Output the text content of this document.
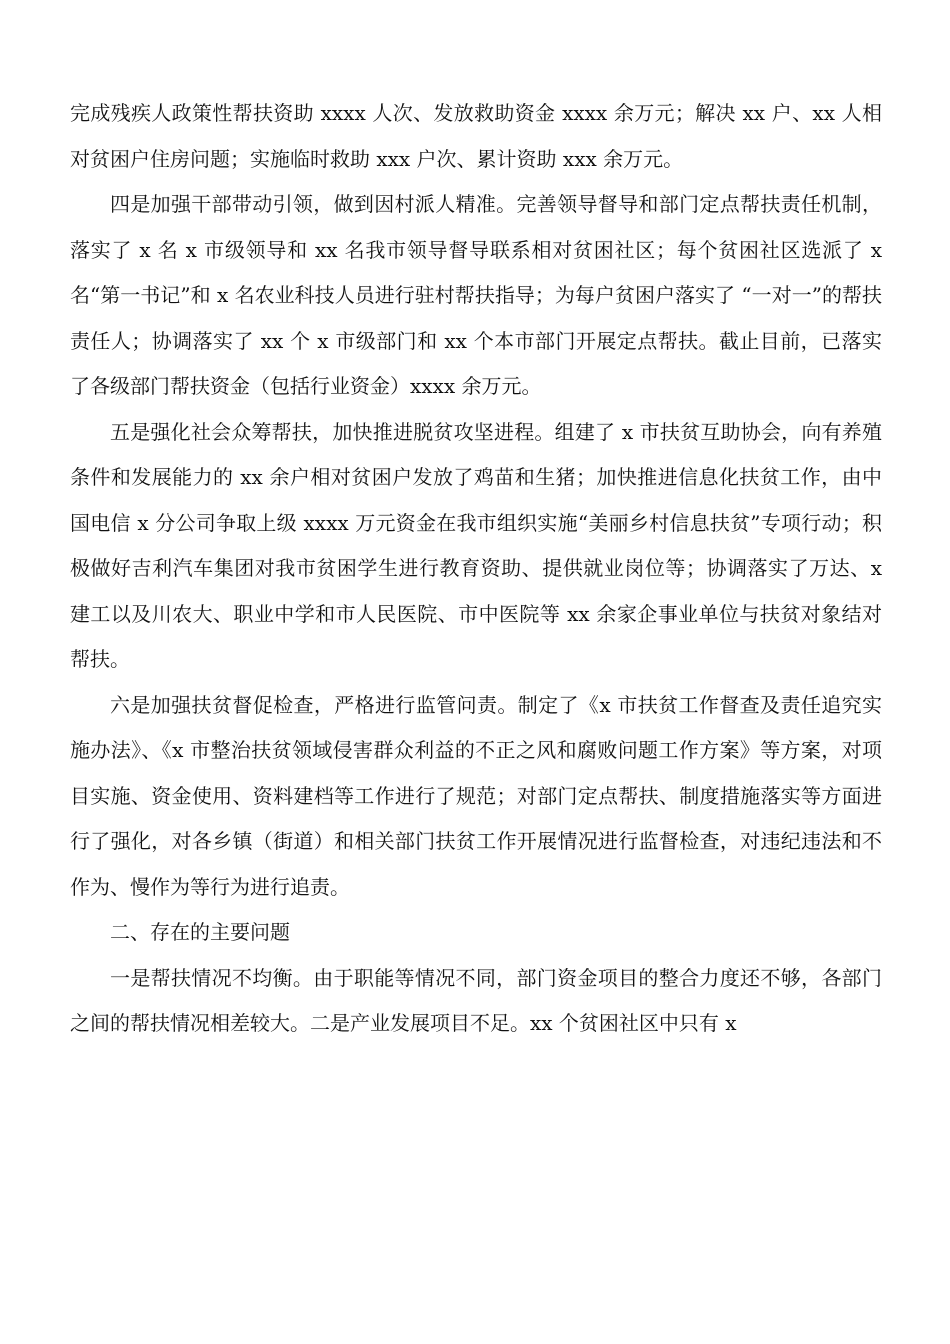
完成残疾人政策性帮扶资助 xxxx 人次、发放救助资金 xxxx 余万元；解决 xx 户、xx 人相对贫困户住房问题；实施临时救助 xxx 户次、累计资助 xxx 余万元。

四是加强干部带动引领，做到因村派人精准。完善领导督导和部门定点帮扶责任机制，落实了 x 名 x 市级领导和 xx 名我市领导督导联系相对贫困社区；每个贫困社区选派了 x 名“第一书记”和 x 名农业科技人员进行驻村帮扶指导；为每户贫困户落实了 “一对一”的帮扶责任人；协调落实了 xx 个 x 市级部门和 xx 个本市部门开展定点帮扶。截止目前，已落实了各级部门帮扶资金（包括行业资金）xxxx 余万元。

五是强化社会众筹帮扶，加快推进脱贫攻坚进程。组建了 x 市扶贫互助协会，向有养殖条件和发展能力的 xx 余户相对贫困户发放了鸡苗和生猪；加快推进信息化扶贫工作，由中国电信 x 分公司争取上级 xxxx 万元资金在我市组织实施“美丽乡村信息扶贫”专项行动；积极做好吉利汽车集团对我市贫困学生进行教育资助、提供就业岗位等；协调落实了万达、x 建工以及川农大、职业中学和市人民医院、市中医院等 xx 余家企事业单位与扶贫对象结对帮扶。

六是加强扶贫督促检查，严格进行监管问责。制定了《x 市扶贫工作督查及责任追究实施办法》、《x 市整治扶贫领域侵害群众利益的不正之风和腐败问题工作方案》等方案，对项目实施、资金使用、资料建档等工作进行了规范；对部门定点帮扶、制度措施落实等方面进行了强化，对各乡镇（街道）和相关部门扶贫工作开展情况进行监督检查，对违纪违法和不作为、慢作为等行为进行追责。

二、存在的主要问题

一是帮扶情况不均衡。由于职能等情况不同，部门资金项目的整合力度还不够，各部门之间的帮扶情况相差较大。二是产业发展项目不足。xx 个贫困社区中只有 x
